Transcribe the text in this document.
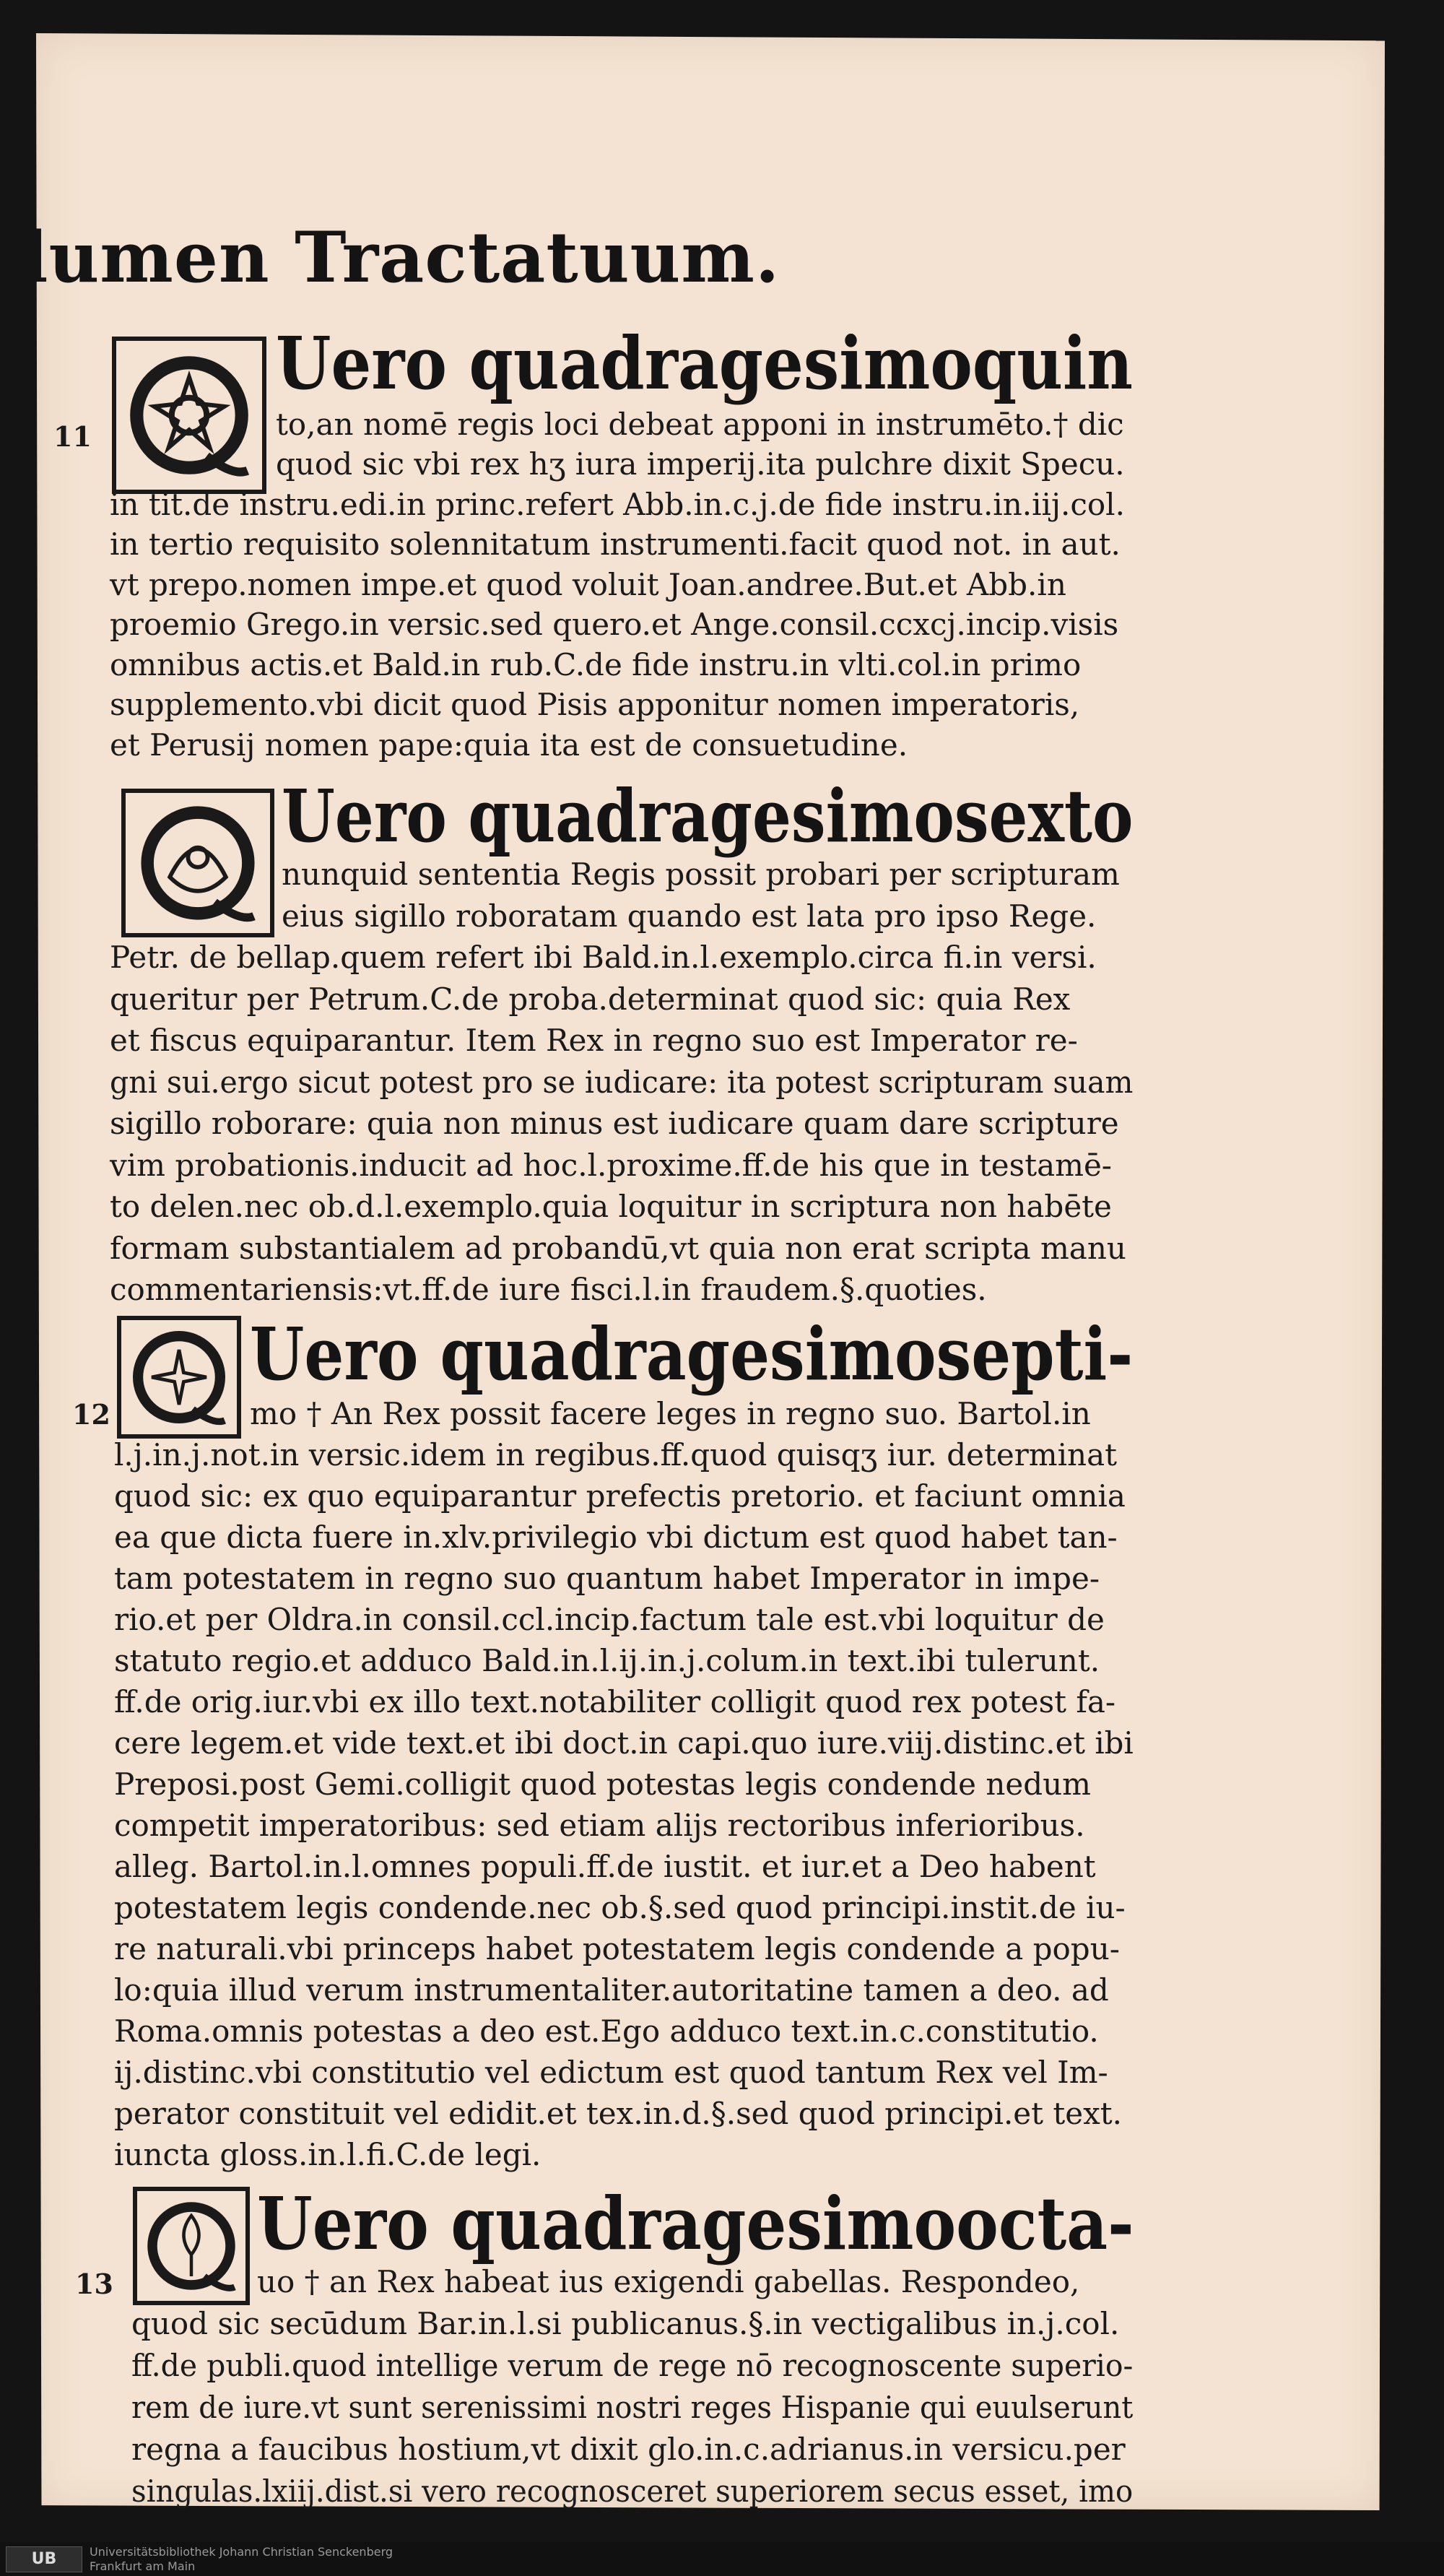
lumen Tractatuum.
11
12
13
Uero quadragesimoquin
to,an nomē regis loci debeat apponi in instrumēto.† dic
quod sic vbi rex hʒ iura imperij.ita pulchre dixit Specu.
in tit.de instru.edi.in princ.refert Abb.in.c.j.de fide instru.in.iij.col.
in tertio requisito solennitatum instrumenti.facit quod not. in aut.
vt prepo.nomen impe.et quod voluit Joan.andree.But.et Abb.in
proemio Grego.in versic.sed quero.et Ange.consil.ccxcj.incip.visis
omnibus actis.et Bald.in rub.C.de fide instru.in vlti.col.in primo
supplemento.vbi dicit quod Pisis apponitur nomen imperatoris,
et Perusij nomen pape:quia ita est de consuetudine.
Uero quadragesimosexto
nunquid sententia Regis possit probari per scripturam
eius sigillo roboratam quando est lata pro ipso Rege.
Petr. de bellap.quem refert ibi Bald.in.l.exemplo.circa fi.in versi.
queritur per Petrum.C.de proba.determinat quod sic: quia Rex
et fiscus equiparantur. Item Rex in regno suo est Imperator re-
gni sui.ergo sicut potest pro se iudicare: ita potest scripturam suam
sigillo roborare: quia non minus est iudicare quam dare scripture
vim probationis.inducit ad hoc.l.proxime.ff.de his que in testamē-
to delen.nec ob.d.l.exemplo.quia loquitur in scriptura non habēte
formam substantialem ad probandū,vt quia non erat scripta manu
commentariensis:vt.ff.de iure fisci.l.in fraudem.§.quoties.
Uero quadragesimosepti-
mo † An Rex possit facere leges in regno suo. Bartol.in
l.j.in.j.not.in versic.idem in regibus.ff.quod quisqʒ iur. determinat
quod sic: ex quo equiparantur prefectis pretorio. et faciunt omnia
ea que dicta fuere in.xlv.privilegio vbi dictum est quod habet tan-
tam potestatem in regno suo quantum habet Imperator in impe-
rio.et per Oldra.in consil.ccl.incip.factum tale est.vbi loquitur de
statuto regio.et adduco Bald.in.l.ij.in.j.colum.in text.ibi tulerunt.
ff.de orig.iur.vbi ex illo text.notabiliter colligit quod rex potest fa-
cere legem.et vide text.et ibi doct.in capi.quo iure.viij.distinc.et ibi
Preposi.post Gemi.colligit quod potestas legis condende nedum
competit imperatoribus: sed etiam alijs rectoribus inferioribus.
alleg. Bartol.in.l.omnes populi.ff.de iustit. et iur.et a Deo habent
potestatem legis condende.nec ob.§.sed quod principi.instit.de iu-
re naturali.vbi princeps habet potestatem legis condende a popu-
lo:quia illud verum instrumentaliter.autoritatine tamen a deo. ad
Roma.omnis potestas a deo est.Ego adduco text.in.c.constitutio.
ij.distinc.vbi constitutio vel edictum est quod tantum Rex vel Im-
perator constituit vel edidit.et tex.in.d.§.sed quod principi.et text.
iuncta gloss.in.l.fi.C.de legi.
Uero quadragesimoocta-
uo † an Rex habeat ius exigendi gabellas. Respondeo,
quod sic secūdum Bar.in.l.si publicanus.§.in vectigalibus in.j.col.
ff.de publi.quod intellige verum de rege nō recognoscente superio-
rem de iure.vt sunt serenissimi nostri reges Hispanie qui euulserunt
regna a faucibus hostium,vt dixit glo.in.c.adrianus.in versicu.per
singulas.lxiij.dist.si vero recognosceret superiorem secus esset, imo
UB	Universitätsbibliothek Johann Christian Senckenberg
Frankfurt am Main
